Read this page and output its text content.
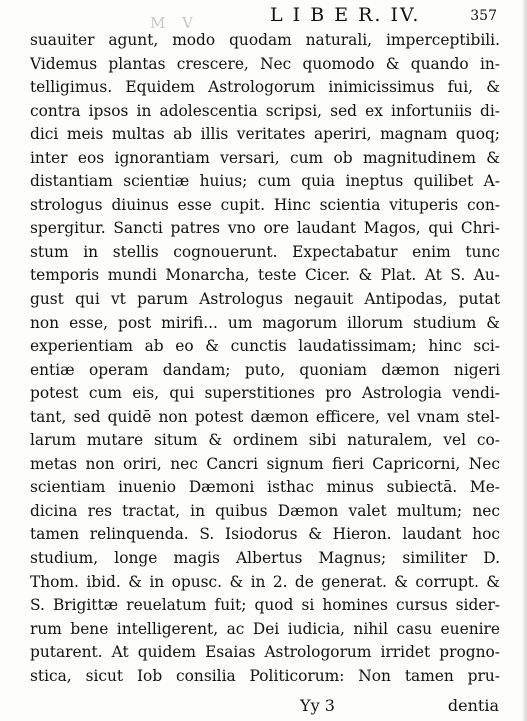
M V	L I B E R. IV.	357
suauiter agunt, modo quodam naturali, imperceptibili.
Videmus plantas crescere, Nec quomodo & quando in-
telligimus. Equidem Astrologorum inimicissimus fui, &
contra ipsos in adolescentia scripsi, sed ex infortuniis di-
dici meis multas ab illis veritates aperiri, magnam quoq;
inter eos ignorantiam versari, cum ob magnitudinem &
distantiam scientiæ huius; cum quia ineptus quilibet A-
strologus diuinus esse cupit. Hinc scientia vituperis con-
spergitur. Sancti patres vno ore laudant Magos, qui Chri-
stum in stellis cognouerunt. Expectabatur enim tunc
temporis mundi Monarcha, teste Cicer. & Plat. At S. Au-
gust qui vt parum Astrologus negauit Antipodas, putat
non esse, post mirifi... um magorum illorum studium &
experientiam ab eo & cunctis laudatissimam; hinc sci-
entiæ operam dandam; puto, quoniam dæmon nigeri
potest cum eis, qui superstitiones pro Astrologia vendi-
tant, sed quidē non potest dæmon efficere, vel vnam stel-
larum mutare situm & ordinem sibi naturalem, vel co-
metas non oriri, nec Cancri signum fieri Capricorni, Nec
scientiam inuenio Dæmoni isthac minus subiectā. Me-
dicina res tractat, in quibus Dæmon valet multum; nec
tamen relinquenda. S. Isiodorus & Hieron. laudant hoc
studium, longe magis Albertus Magnus; similiter D.
Thom. ibid. & in opusc. & in 2. de generat. & corrupt. &
S. Brigittæ reuelatum fuit; quod si homines cursus sider-
rum bene intelligerent, ac Dei iudicia, nihil casu euenire
putarent. At quidem Esaias Astrologorum irridet progno-
stica, sicut Iob consilia Politicorum: Non tamen pru-
Yy 3	dentia
